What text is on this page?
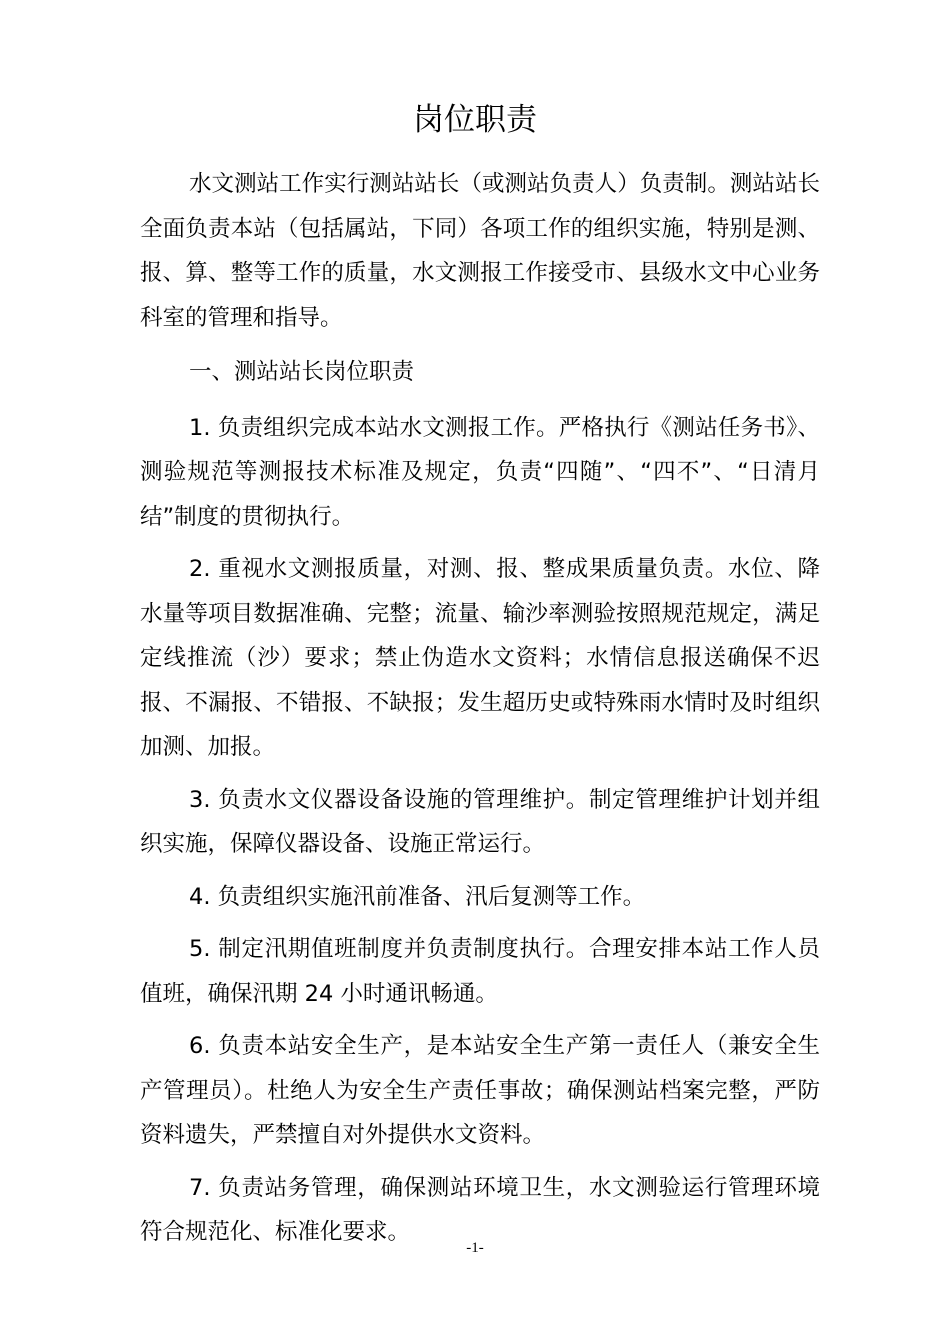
岗位职责

水文测站工作实行测站站长（或测站负责人）负责制。测站站长全面负责本站（包括属站，下同）各项工作的组织实施，特别是测、报、算、整等工作的质量，水文测报工作接受市、县级水文中心业务科室的管理和指导。

一、测站站长岗位职责

1. 负责组织完成本站水文测报工作。严格执行《测站任务书》、测验规范等测报技术标准及规定，负责“四随”、“四不”、“日清月结”制度的贯彻执行。

2. 重视水文测报质量，对测、报、整成果质量负责。水位、降水量等项目数据准确、完整；流量、输沙率测验按照规范规定，满足定线推流（沙）要求；禁止伪造水文资料；水情信息报送确保不迟报、不漏报、不错报、不缺报；发生超历史或特殊雨水情时及时组织加测、加报。

3. 负责水文仪器设备设施的管理维护。制定管理维护计划并组织实施，保障仪器设备、设施正常运行。

4. 负责组织实施汛前准备、汛后复测等工作。

5. 制定汛期值班制度并负责制度执行。合理安排本站工作人员值班，确保汛期 24 小时通讯畅通。

6. 负责本站安全生产，是本站安全生产第一责任人（兼安全生产管理员）。杜绝人为安全生产责任事故；确保测站档案完整，严防资料遗失，严禁擅自对外提供水文资料。

7. 负责站务管理，确保测站环境卫生，水文测验运行管理环境符合规范化、标准化要求。

-1-
